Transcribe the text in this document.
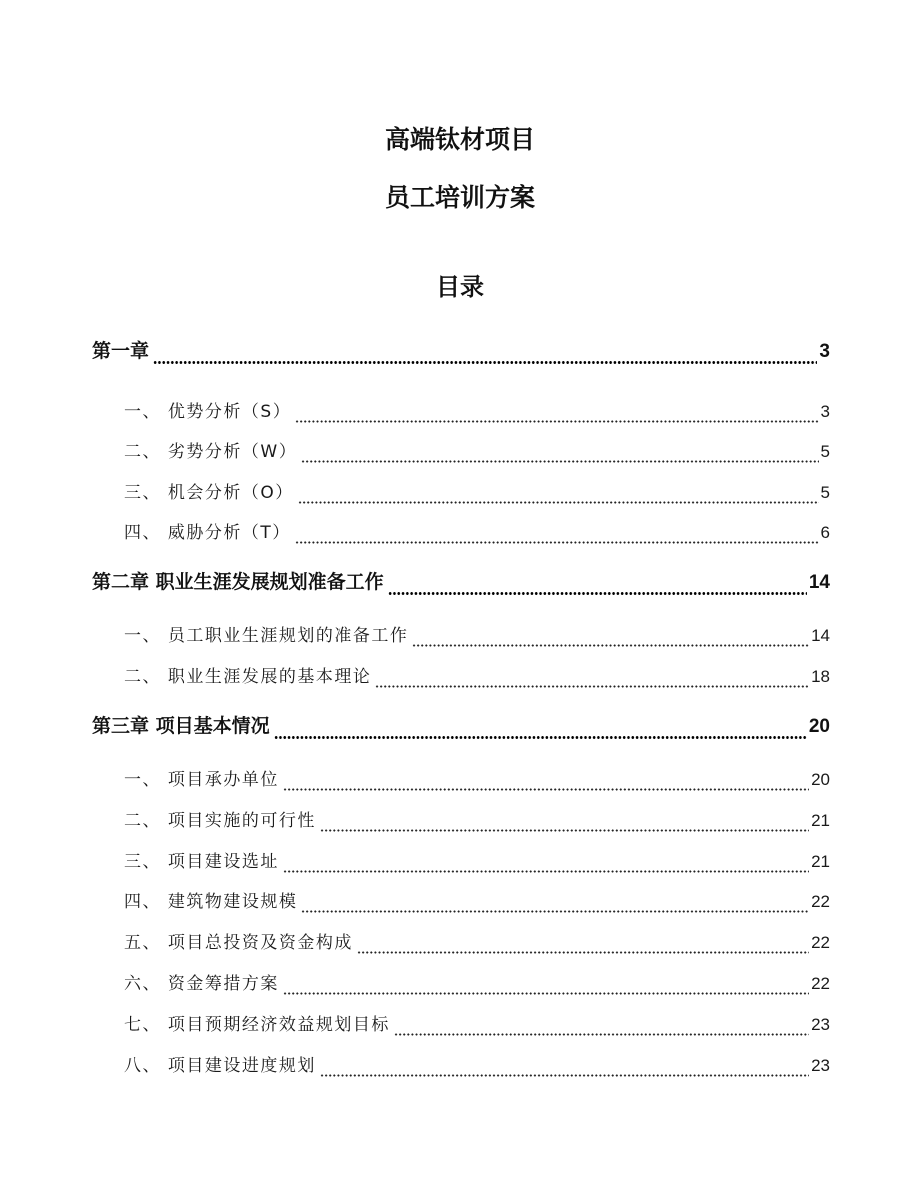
高端钛材项目
员工培训方案
目录
第一章	3
一、 优势分析（S）	3
二、 劣势分析（W）	5
三、 机会分析（O）	5
四、 威胁分析（T）	6
第二章 职业生涯发展规划准备工作	14
一、 员工职业生涯规划的准备工作	14
二、 职业生涯发展的基本理论	18
第三章 项目基本情况	20
一、 项目承办单位	20
二、 项目实施的可行性	21
三、 项目建设选址	21
四、 建筑物建设规模	22
五、 项目总投资及资金构成	22
六、 资金筹措方案	22
七、 项目预期经济效益规划目标	23
八、 项目建设进度规划	23
